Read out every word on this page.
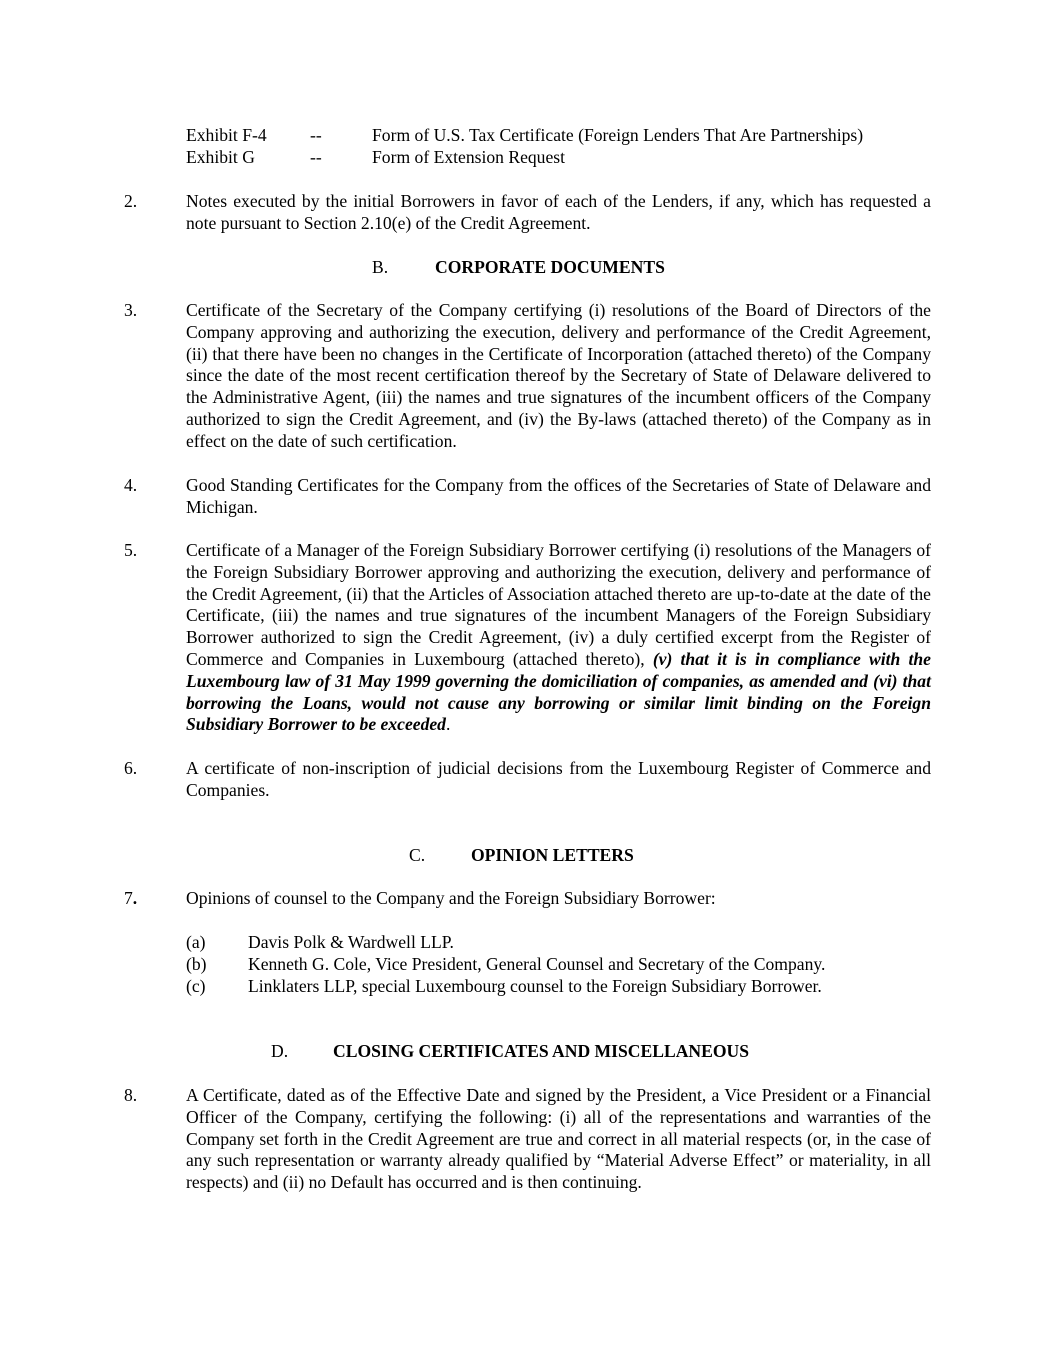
Exhibit F-4 --	Form of U.S. Tax Certificate (Foreign Lenders That Are Partnerships)
Exhibit G	--	Form of Extension Request
2.	Notes executed by the initial Borrowers in favor of each of the Lenders, if any, which has requested a note pursuant to Section 2.10(e) of the Credit Agreement.
B.	CORPORATE DOCUMENTS
3.	Certificate of the Secretary of the Company certifying (i) resolutions of the Board of Directors of the Company approving and authorizing the execution, delivery and performance of the Credit Agreement, (ii) that there have been no changes in the Certificate of Incorporation (attached thereto) of the Company since the date of the most recent certification thereof by the Secretary of State of Delaware delivered to the Administrative Agent, (iii) the names and true signatures of the incumbent officers of the Company authorized to sign the Credit Agreement, and (iv) the By-laws (attached thereto) of the Company as in effect on the date of such certification.
4.	Good Standing Certificates for the Company from the offices of the Secretaries of State of Delaware and Michigan.
5.	Certificate of a Manager of the Foreign Subsidiary Borrower certifying (i) resolutions of the Managers of the Foreign Subsidiary Borrower approving and authorizing the execution, delivery and performance of the Credit Agreement, (ii) that the Articles of Association attached thereto are up-to-date at the date of the Certificate, (iii) the names and true signatures of the incumbent Managers of the Foreign Subsidiary Borrower authorized to sign the Credit Agreement, (iv) a duly certified excerpt from the Register of Commerce and Companies in Luxembourg (attached thereto), (v) that it is in compliance with the Luxembourg law of 31 May 1999 governing the domiciliation of companies, as amended and (vi) that borrowing the Loans, would not cause any borrowing or similar limit binding on the Foreign Subsidiary Borrower to be exceeded.
6.	A certificate of non-inscription of judicial decisions from the Luxembourg Register of Commerce and Companies.
C.	OPINION LETTERS
7.	Opinions of counsel to the Company and the Foreign Subsidiary Borrower:
(a) Davis Polk & Wardwell LLP.
(b) Kenneth G. Cole, Vice President, General Counsel and Secretary of the Company.
(c) Linklaters LLP, special Luxembourg counsel to the Foreign Subsidiary Borrower.
D.	CLOSING CERTIFICATES AND MISCELLANEOUS
8.	A Certificate, dated as of the Effective Date and signed by the President, a Vice President or a Financial Officer of the Company, certifying the following: (i) all of the representations and warranties of the Company set forth in the Credit Agreement are true and correct in all material respects (or, in the case of any such representation or warranty already qualified by “Material Adverse Effect” or materiality, in all respects) and (ii) no Default has occurred and is then continuing.
